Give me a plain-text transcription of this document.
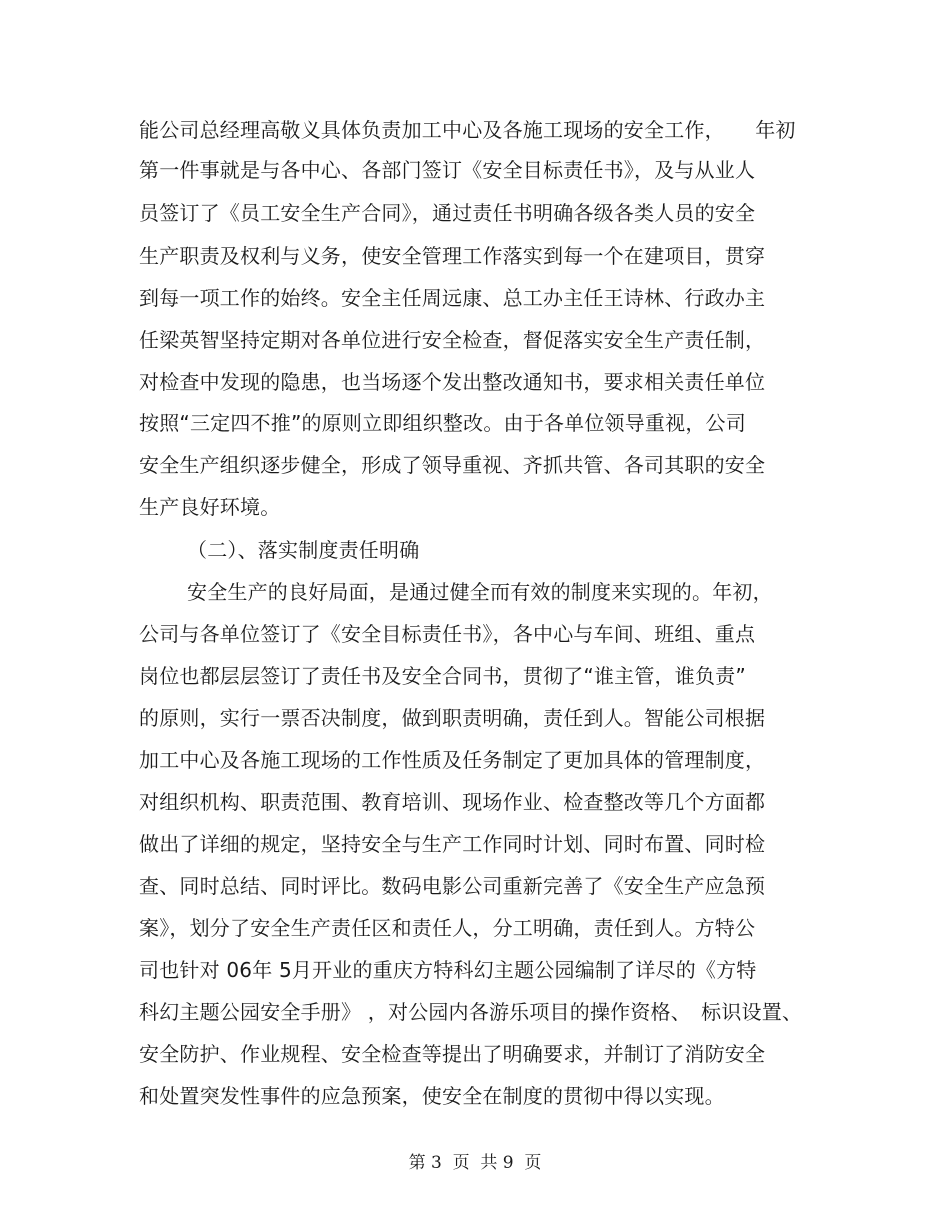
能公司总经理高敬义具体负责加工中心及各施工现场的安全工作，　　年初
第一件事就是与各中心、各部门签订《安全目标责任书》，及与从业人
员签订了《员工安全生产合同》，通过责任书明确各级各类人员的安全
生产职责及权利与义务，使安全管理工作落实到每一个在建项目，贯穿
到每一项工作的始终。安全主任周远康、总工办主任王诗林、行政办主
任梁英智坚持定期对各单位进行安全检查，督促落实安全生产责任制，
对检查中发现的隐患，也当场逐个发出整改通知书，要求相关责任单位
按照“三定四不推”的原则立即组织整改。由于各单位领导重视，公司
安全生产组织逐步健全，形成了领导重视、齐抓共管、各司其职的安全
生产良好环境。
（二）、落实制度责任明确
安全生产的良好局面，是通过健全而有效的制度来实现的。年初，
公司与各单位签订了《安全目标责任书》，各中心与车间、班组、重点
岗位也都层层签订了责任书及安全合同书，贯彻了“谁主管，谁负责”
的原则，实行一票否决制度，做到职责明确，责任到人。智能公司根据
加工中心及各施工现场的工作性质及任务制定了更加具体的管理制度，
对组织机构、职责范围、教育培训、现场作业、检查整改等几个方面都
做出了详细的规定，坚持安全与生产工作同时计划、同时布置、同时检
查、同时总结、同时评比。数码电影公司重新完善了《安全生产应急预
案》，划分了安全生产责任区和责任人，分工明确，责任到人。方特公
司也针对 06年 5月开业的重庆方特科幻主题公园编制了详尽的《方特
科幻主题公园安全手册》 ，对公园内各游乐项目的操作资格、　标识设置、
安全防护、作业规程、安全检查等提出了明确要求，并制订了消防安全
和处置突发性事件的应急预案，使安全在制度的贯彻中得以实现。
第 3  页  共 9  页
